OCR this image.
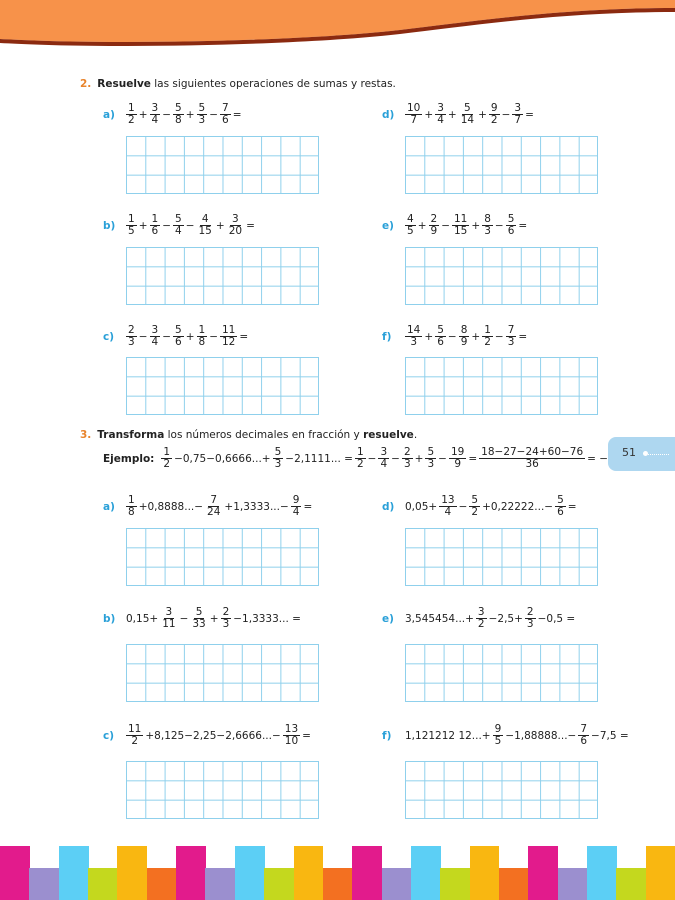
2. Resuelve las siguientes operaciones de sumas y restas.
a)	$\frac{1}{2} + \frac{3}{4} - \frac{5}{8} + \frac{5}{3} - \frac{7}{6}$ =
b)	$\frac{1}{5} + \frac{1}{6} - \frac{5}{4} - \frac{4}{15} + \frac{3}{20}$ =
c)	$\frac{2}{3} - \frac{3}{4} - \frac{5}{6} + \frac{1}{8} - \frac{11}{12}$ =
d)	$\frac{10}{7} + \frac{3}{4} + \frac{5}{14} + \frac{9}{2} - \frac{3}{7}$ =
e)	$\frac{4}{5} + \frac{2}{9} - \frac{11}{15} + \frac{8}{3} - \frac{5}{6}$ =
f)	$\frac{14}{3} + \frac{5}{6} - \frac{8}{9} + \frac{1}{2} - \frac{7}{3}$ =
3. Transforma los números decimales en fracción y resuelve.
Ejemplo: $\frac{1}{2} -0,75-0,6666...+ \frac{5}{3} -2,1111$... = $\frac{1}{2} - \frac{3}{4} - \frac{2}{3} + \frac{5}{3} - \frac{19}{9} = \frac{18-27-24+60-76}{36}$ = − 51
a)	$\frac{1}{8} +0,8888...- \frac{7}{24} +1,3333...- \frac{9}{4}$ =
b)	$0,15+ \frac{3}{11} - \frac{5}{33} + \frac{2}{3} -1,3333$... =
c)	$\frac{11}{2} +8,125-2,25-2,6666...- \frac{13}{10}$ =
d)	$0,05+ \frac{13}{4} - \frac{5}{2} +0,22222...- \frac{5}{6}$ =
e)	$3,545454...+ \frac{3}{2} -2,5+ \frac{2}{3} -0,5$ =
f)	1,121212 $12...+ \frac{9}{5} -1,88888...- \frac{7}{6} -7,5$ =
